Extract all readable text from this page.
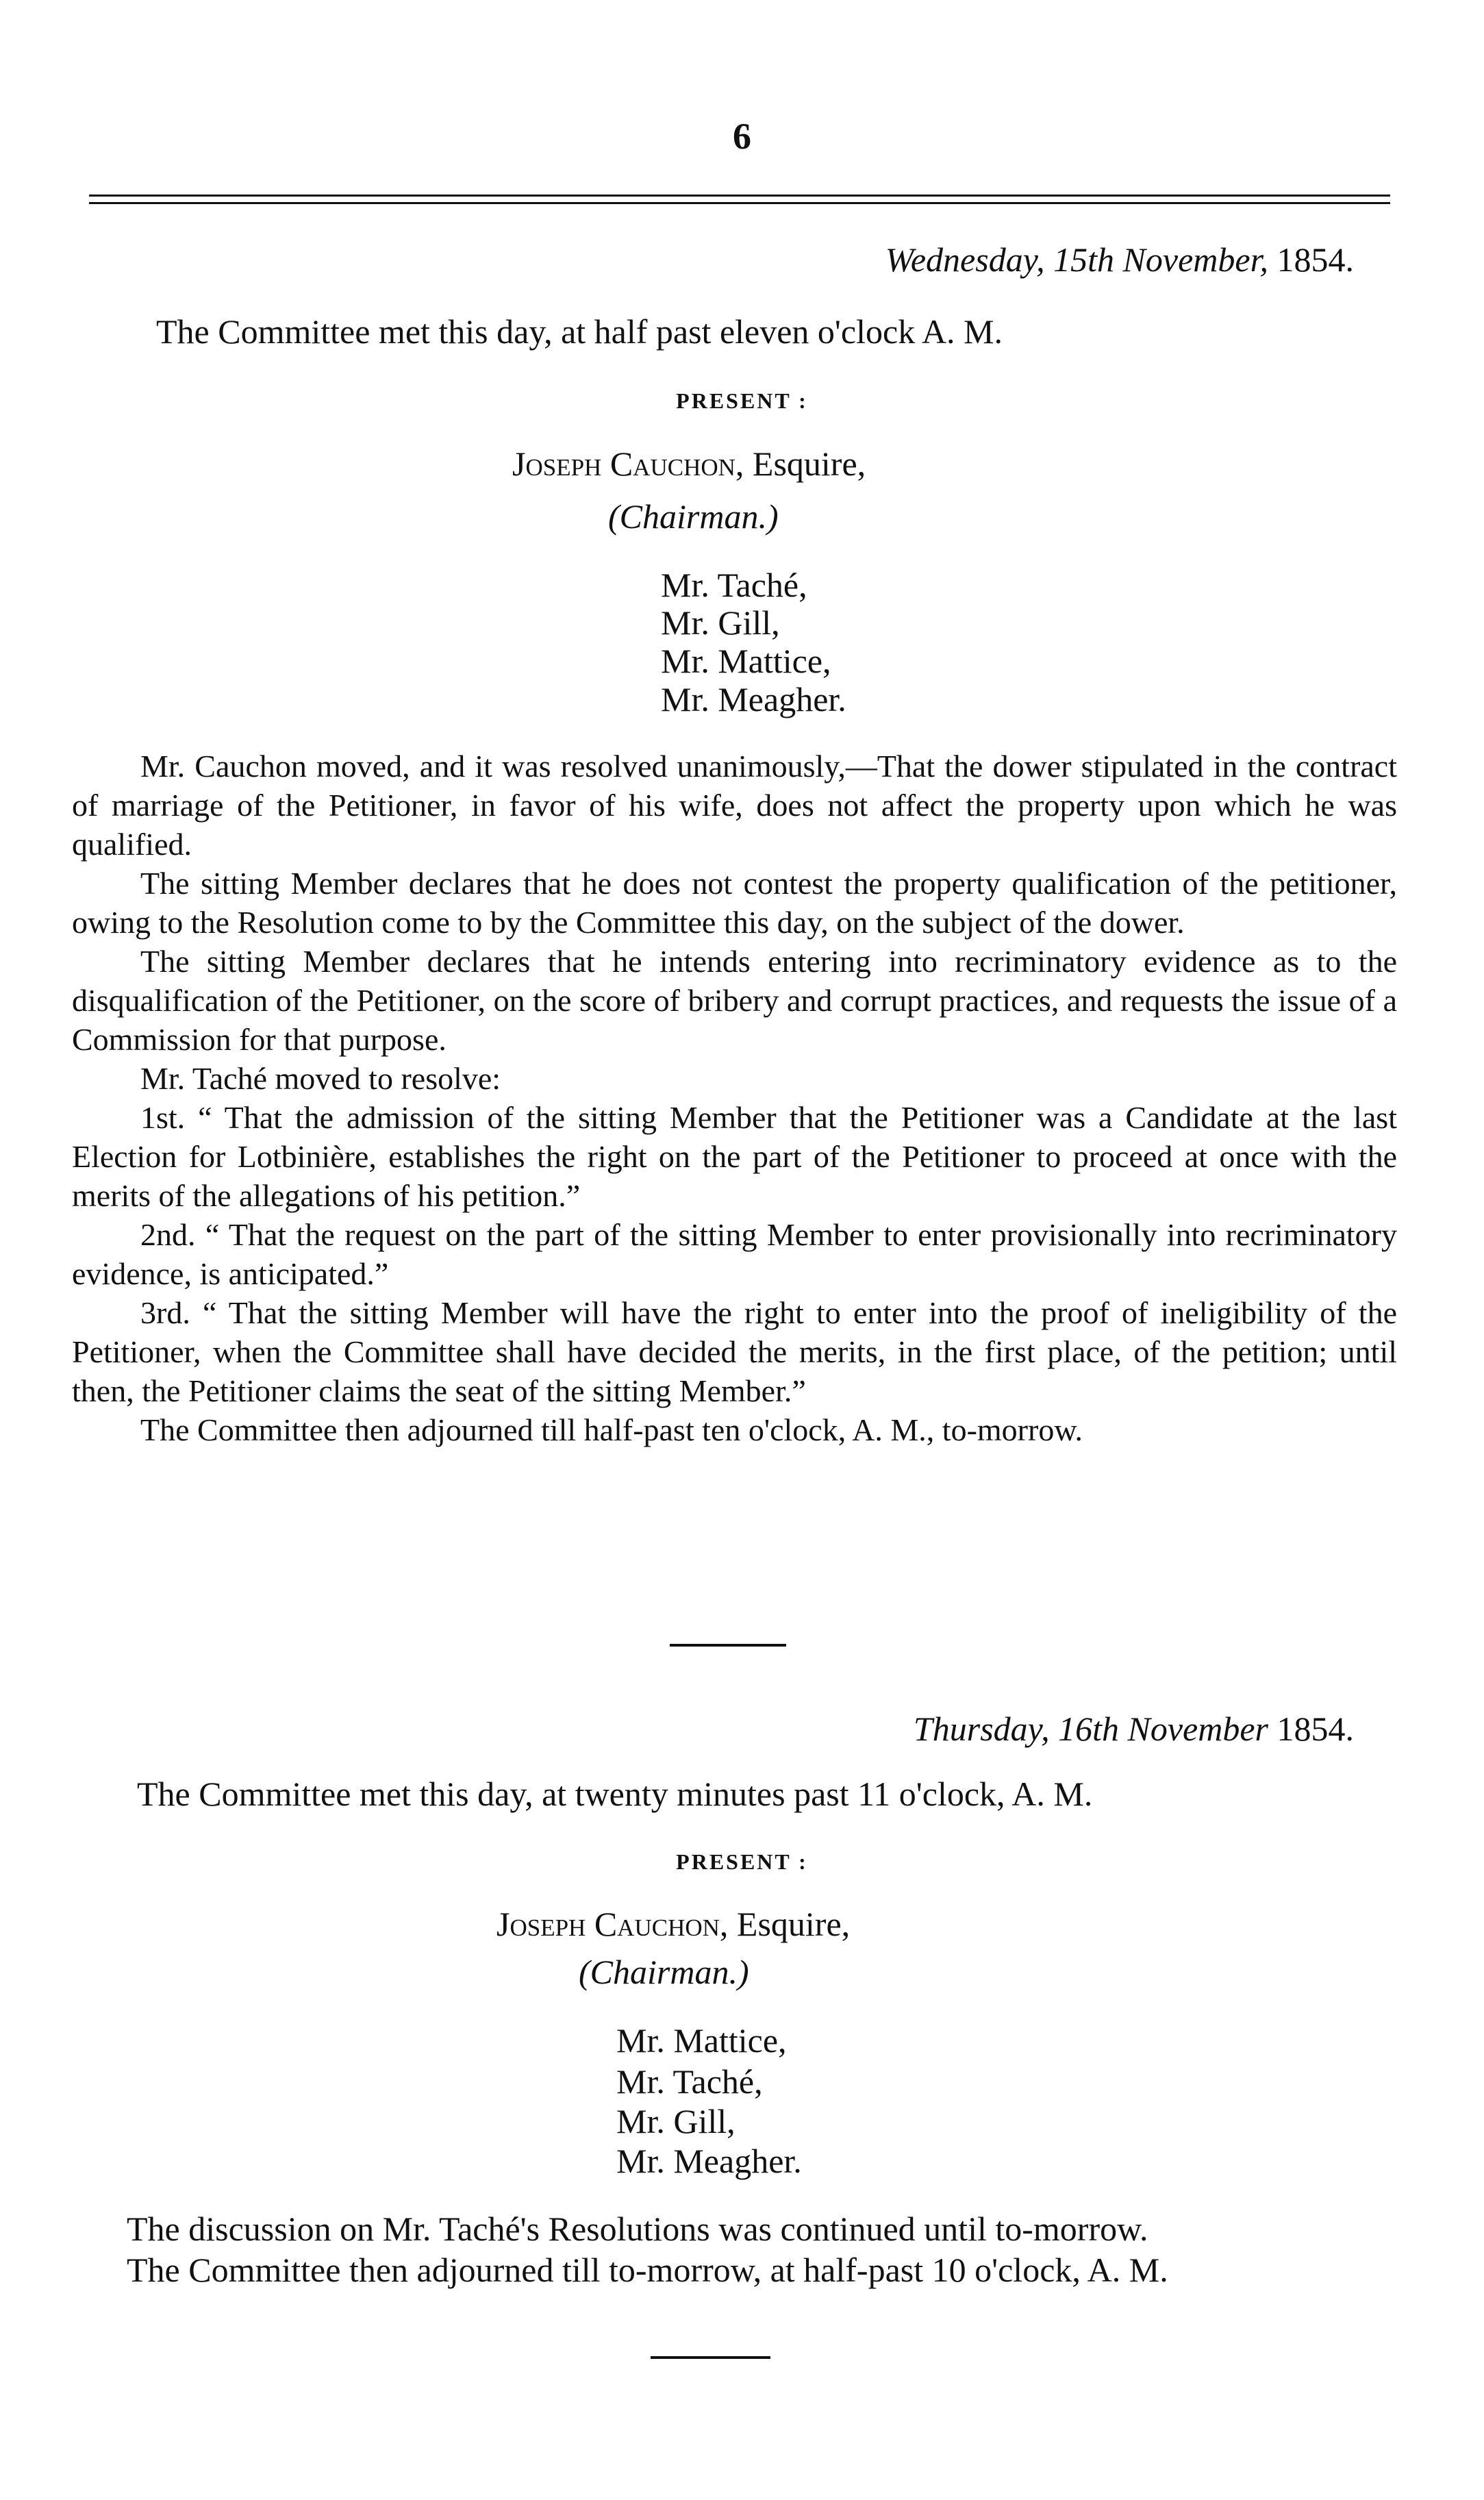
6
Wednesday, 15th November, 1854.
The Committee met this day, at half past eleven o'clock A. M.
PRESENT :
Joseph Cauchon, Esquire,
(Chairman.)
Mr. Taché,
Mr. Gill,
Mr. Mattice,
Mr. Meagher.

Mr. Cauchon moved, and it was resolved unanimously,—That the dower stipulated in the contract of marriage of the Petitioner, in favor of his wife, does not affect the property upon which he was qualified.

The sitting Member declares that he does not contest the property qualification of the petitioner, owing to the Resolution come to by the Committee this day, on the subject of the dower.

The sitting Member declares that he intends entering into recriminatory evidence as to the disqualification of the Petitioner, on the score of bribery and corrupt practices, and requests the issue of a Commission for that purpose.

Mr. Taché moved to resolve:

1st. “ That the admission of the sitting Member that the Petitioner was a Candidate at the last Election for Lotbinière, establishes the right on the part of the Petitioner to proceed at once with the merits of the allegations of his petition.”

2nd. “ That the request on the part of the sitting Member to enter provisionally into recriminatory evidence, is anticipated.”

3rd. “ That the sitting Member will have the right to enter into the proof of ineligibility of the Petitioner, when the Committee shall have decided the merits, in the first place, of the petition; until then, the Petitioner claims the seat of the sitting Member.”

The Committee then adjourned till half-past ten o'clock, A. M., to-morrow.

Thursday, 16th November 1854.
The Committee met this day, at twenty minutes past 11 o'clock, A. M.
PRESENT :
Joseph Cauchon, Esquire,
(Chairman.)
Mr. Mattice,
Mr. Taché,
Mr. Gill,
Mr. Meagher.
The discussion on Mr. Taché's Resolutions was continued until to-morrow.
The Committee then adjourned till to-morrow, at half-past 10 o'clock, A. M.
